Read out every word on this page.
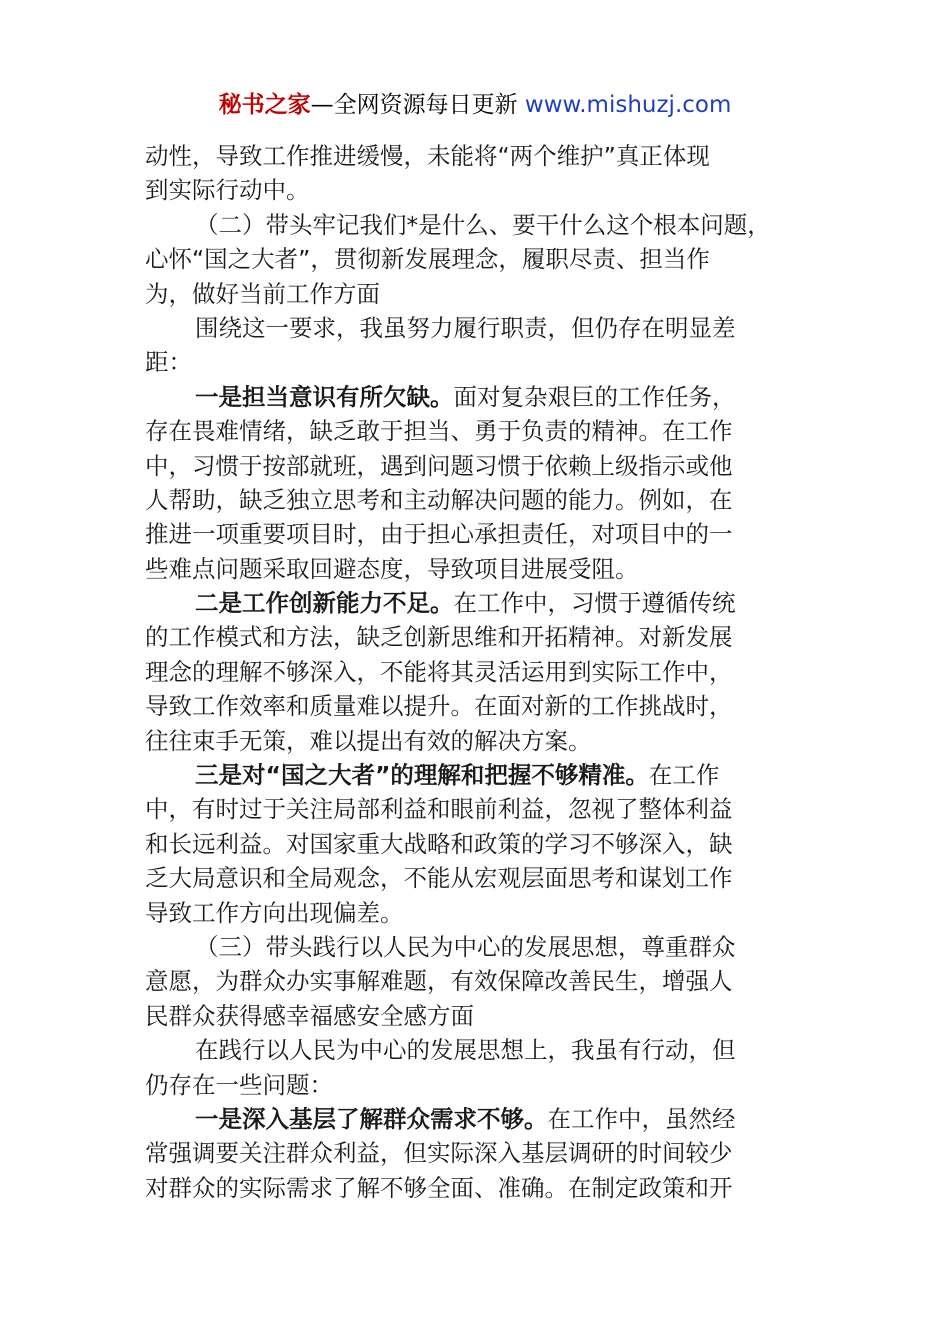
秘书之家—全网资源每日更新 www.mishuzj.com
动性，导致工作推进缓慢，未能将“两个维护”真正体现
到实际行动中。
（二）带头牢记我们*是什么、要干什么这个根本问题，
心怀“国之大者”，贯彻新发展理念，履职尽责、担当作
为，做好当前工作方面
围绕这一要求，我虽努力履行职责，但仍存在明显差
距：
一是担当意识有所欠缺。面对复杂艰巨的工作任务，
存在畏难情绪，缺乏敢于担当、勇于负责的精神。在工作
中，习惯于按部就班，遇到问题习惯于依赖上级指示或他
人帮助，缺乏独立思考和主动解决问题的能力。例如，在
推进一项重要项目时，由于担心承担责任，对项目中的一
些难点问题采取回避态度，导致项目进展受阻。
二是工作创新能力不足。在工作中，习惯于遵循传统
的工作模式和方法，缺乏创新思维和开拓精神。对新发展
理念的理解不够深入，不能将其灵活运用到实际工作中，
导致工作效率和质量难以提升。在面对新的工作挑战时，
往往束手无策，难以提出有效的解决方案。
三是对“国之大者”的理解和把握不够精准。在工作
中，有时过于关注局部利益和眼前利益，忽视了整体利益
和长远利益。对国家重大战略和政策的学习不够深入，缺
乏大局意识和全局观念，不能从宏观层面思考和谋划工作
导致工作方向出现偏差。
（三）带头践行以人民为中心的发展思想，尊重群众
意愿，为群众办实事解难题，有效保障改善民生，增强人
民群众获得感幸福感安全感方面
在践行以人民为中心的发展思想上，我虽有行动，但
仍存在一些问题：
一是深入基层了解群众需求不够。在工作中，虽然经
常强调要关注群众利益，但实际深入基层调研的时间较少
对群众的实际需求了解不够全面、准确。在制定政策和开
